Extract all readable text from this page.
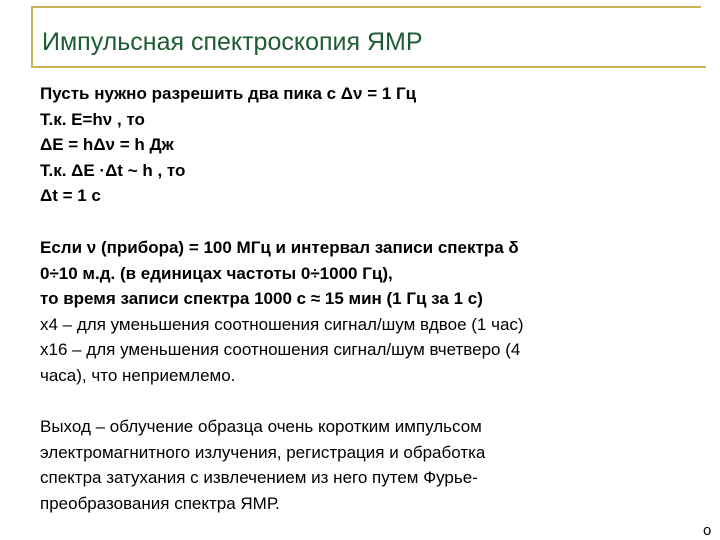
Импульсная спектроскопия ЯМР
Пусть нужно разрешить два пика с Δν = 1 Гц
Т.к. E=hν , то
ΔE = hΔν = h Дж
Т.к. ΔE ·Δt ~ h , то
Δt = 1 с
Если ν (прибора) = 100 МГц и интервал записи спектра δ
0÷10 м.д. (в единицах частоты 0÷1000 Гц),
то время записи спектра 1000 с ≈ 15 мин (1 Гц за 1 с)
x4 – для уменьшения соотношения сигнал/шум вдвое (1 час)
x16 – для уменьшения соотношения сигнал/шум вчетверо (4
часа), что неприемлемо.
Выход – облучение образца очень коротким импульсом
электромагнитного излучения, регистрация и обработка
спектра затухания с извлечением из него путем Фурье-
преобразования спектра ЯМР.
о
